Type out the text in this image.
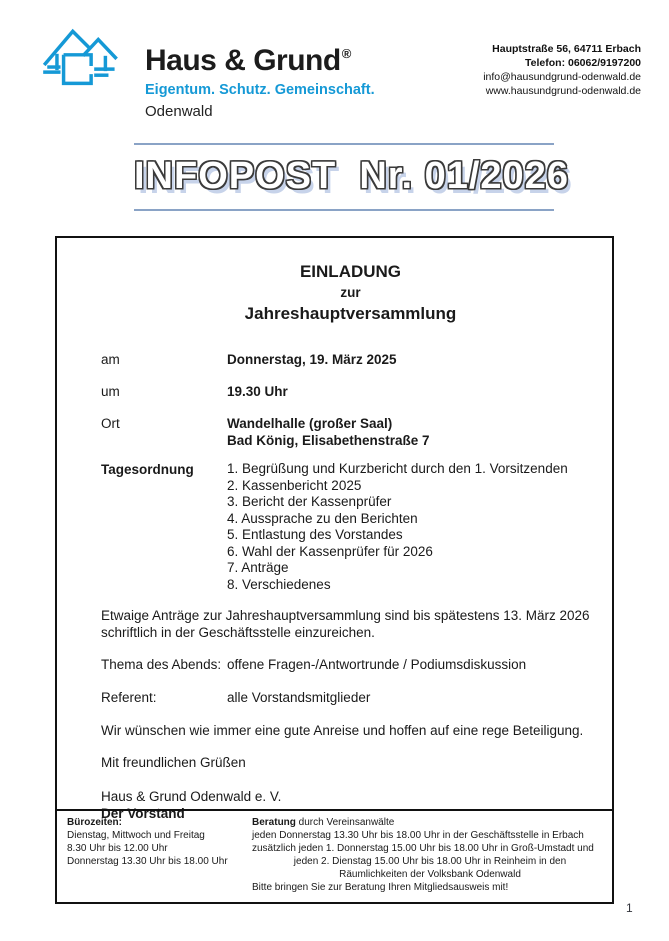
Haus & Grund®
Eigentum. Schutz. Gemeinschaft.
Odenwald
Hauptstraße 56, 64711 Erbach
Telefon: 06062/9197200
info@hausundgrund-odenwald.de
www.hausundgrund-odenwald.de
INFOPOST  Nr. 01/2026
EINLADUNG
zur
Jahreshauptversammlung
am	Donnerstag, 19. März 2025
um	19.30 Uhr
Ort	Wandelhalle (großer Saal)
Bad König, Elisabethenstraße 7
Tagesordnung	1. Begrüßung und Kurzbericht durch den 1. Vorsitzenden
2. Kassenbericht 2025
3. Bericht der Kassenprüfer
4. Aussprache zu den Berichten
5. Entlastung des Vorstandes
6. Wahl der Kassenprüfer für 2026
7. Anträge
8. Verschiedenes
Etwaige Anträge zur Jahreshauptversammlung sind bis spätestens 13. März 2026
schriftlich in der Geschäftsstelle einzureichen.
Thema des Abends: offene Fragen-/Antwortrunde / Podiumsdiskussion
Referent:	alle Vorstandsmitglieder
Wir wünschen wie immer eine gute Anreise und hoffen auf eine rege Beteiligung.
Mit freundlichen Grüßen
Haus & Grund Odenwald e. V.
Der Vorstand
Bürozeiten:
Dienstag, Mittwoch und Freitag
8.30 Uhr bis 12.00 Uhr
Donnerstag 13.30 Uhr bis 18.00 Uhr
Beratung durch Vereinsanwälte
jeden Donnerstag 13.30 Uhr bis 18.00 Uhr in der Geschäftsstelle in Erbach
zusätzlich jeden 1. Donnerstag 15.00 Uhr bis 18.00 Uhr in Groß-Umstadt und
jeden 2. Dienstag 15.00 Uhr bis 18.00 Uhr in Reinheim in den
Räumlichkeiten der Volksbank Odenwald
Bitte bringen Sie zur Beratung Ihren Mitgliedsausweis mit!
1
